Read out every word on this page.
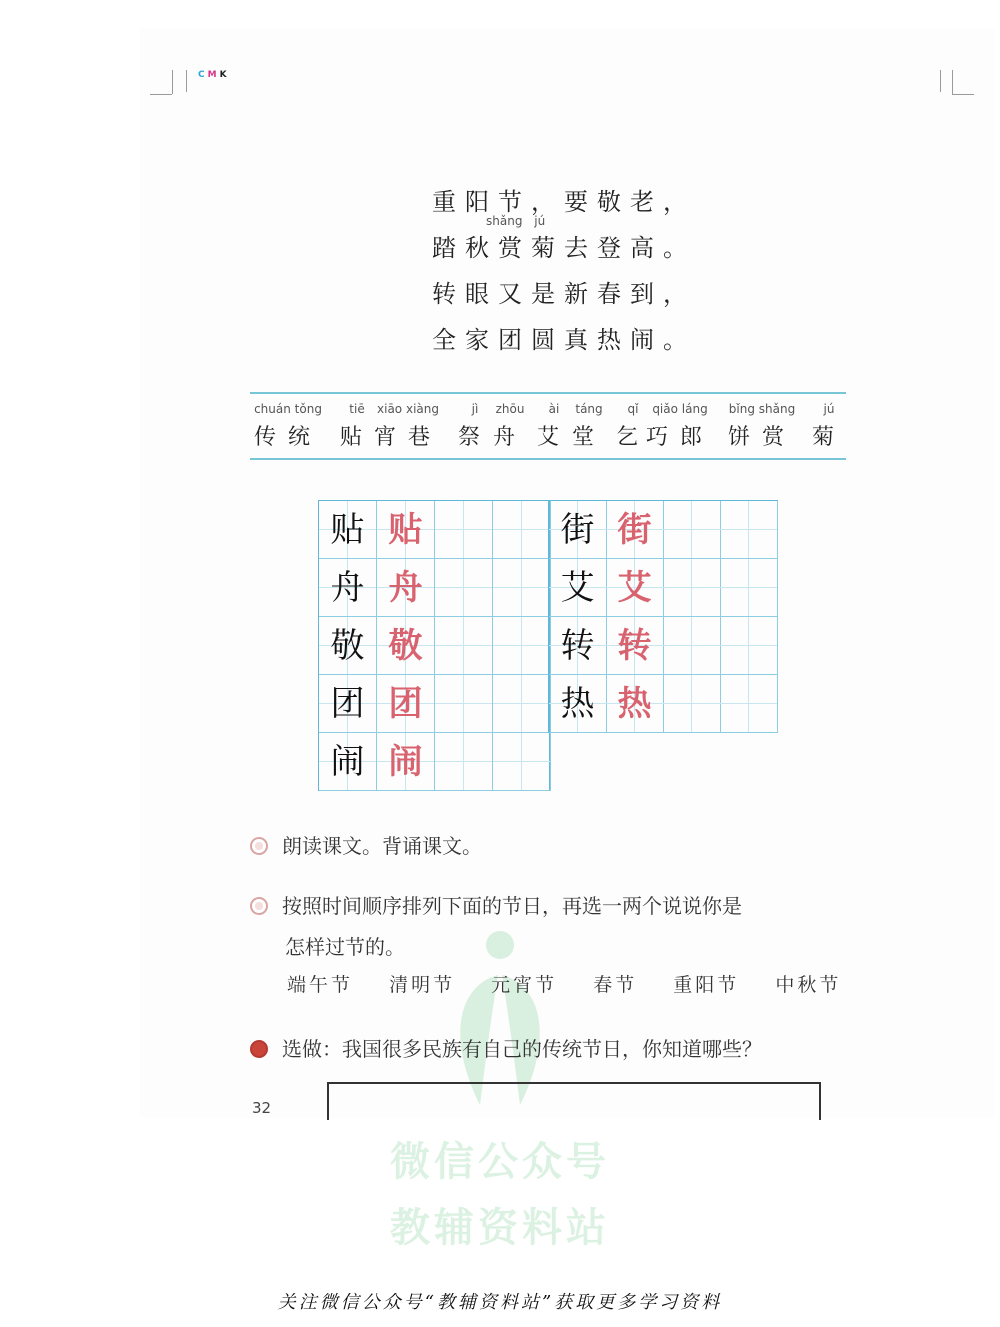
CMK
重阳节，要敬老，
shǎng jú
踏秋赏菊去登高。
转眼又是新春到，
全家团圆真热闹。
chuán tǒng
传统
tiē
贴
xiāo xiàng
宵巷
jì
祭
zhōu
舟
ài
艾
táng
堂
qǐ
乞
qiǎo láng
巧郎
bǐng shǎng
饼赏
jú
菊
贴 贴
舟 舟
敬 敬
团 团
闹 闹
街 街
艾 艾
转 转
热 热
朗读课文。背诵课文。
按照时间顺序排列下面的节日，再选一两个说说你是
怎样过节的。
端午节 清明节 元宵节 春节 重阳节 中秋节
选做：我国很多民族有自己的传统节日，你知道哪些？
32
微信公众号
教辅资料站
关注微信公众号“教辅资料站”获取更多学习资料
